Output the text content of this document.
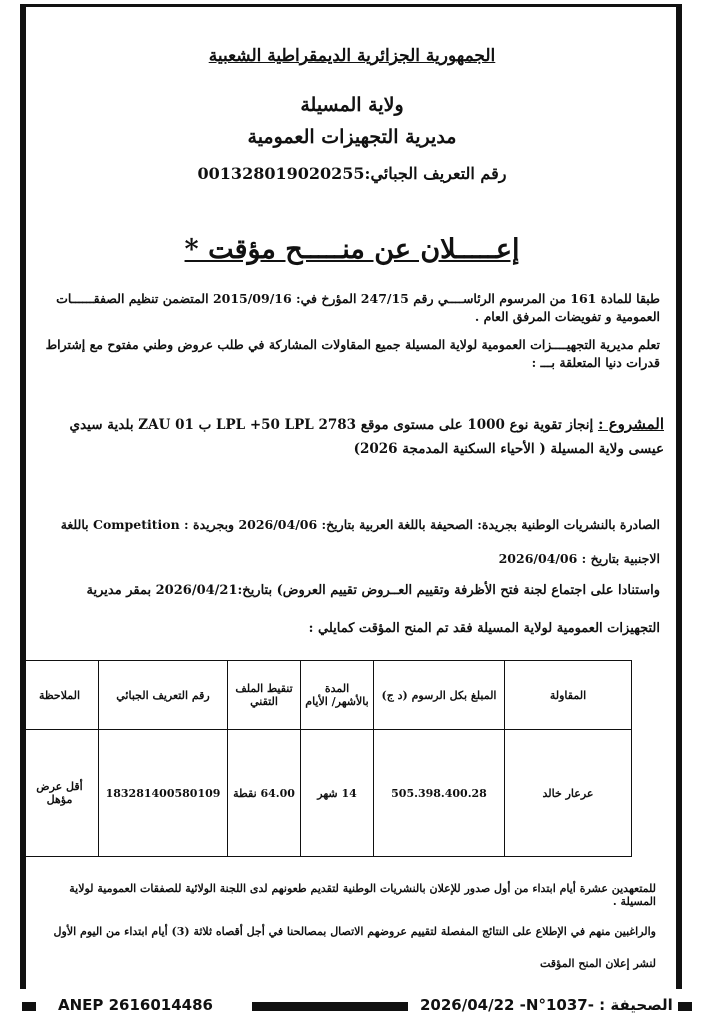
الجمهورية الجزائرية الديمقراطية الشعبية
ولاية المسيلة
مديرية التجهيزات العمومية
رقم التعريف الجبائي:001328019020255
إعـــــلان عن منـــــح مؤقت *
طبقا للمادة 161 من المرسوم الرئاســــي رقم 247/15 المؤرخ في: 2015/09/16 المتضمن تنظيم الصفقــــــات العمومية و تفويضات المرفق العام .
تعلم مديرية التجهيــــزات العمومية لولاية المسيلة جميع المقاولات المشاركة في طلب عروض وطني مفتوح مع إشتراط قدرات دنيا المتعلقة بـــ :
المشروع : إنجاز تقوية نوع 1000 على مستوى موقع 2783 LPL +50 LPL ب 01 ZAU بلدية سيدي عيسى ولاية المسيلة ( الأحياء السكنية المدمجة 2026)
الصادرة بالنشريات الوطنية بجريدة: الصحيفة باللغة العربية بتاريخ: 2026/04/06 وبجريدة : Competition باللغة الاجنبية بتاريخ : 2026/04/06
واستنادا على اجتماع لجنة فتح الأظرفة وتقييم العــروض تقييم العروض) بتاريخ:2026/04/21 بمقر مديرية التجهيزات العمومية لولاية المسيلة فقد تم المنح المؤقت كمايلي :
المقاولة	المبلغ بكل الرسوم (د ج)	المدة بالأشهر/ الأيام	تنقيط الملف التقني	رقم التعريف الجبائي	الملاحظة
عرعار خالد	505.398.400.28	14 شهر	64.00 نقطة	183281400580109	أقل عرض مؤهل
للمتعهدين عشرة أيام ابتداء من أول صدور للإعلان بالنشريات الوطنية لتقديم طعونهم لدى اللجنة الولائية للصفقات العمومية لولاية المسيلة .
والراغبين منهم في الإطلاع على النتائج المفصلة لتقييم عروضهم الاتصال بمصالحنا في أجل أقصاه ثلاثة (3) أيام ابتداء من اليوم الأول لنشر إعلان المنح المؤقت
ANEP 2616014486	2026/04/22 -N°1037- : الصحيفة
